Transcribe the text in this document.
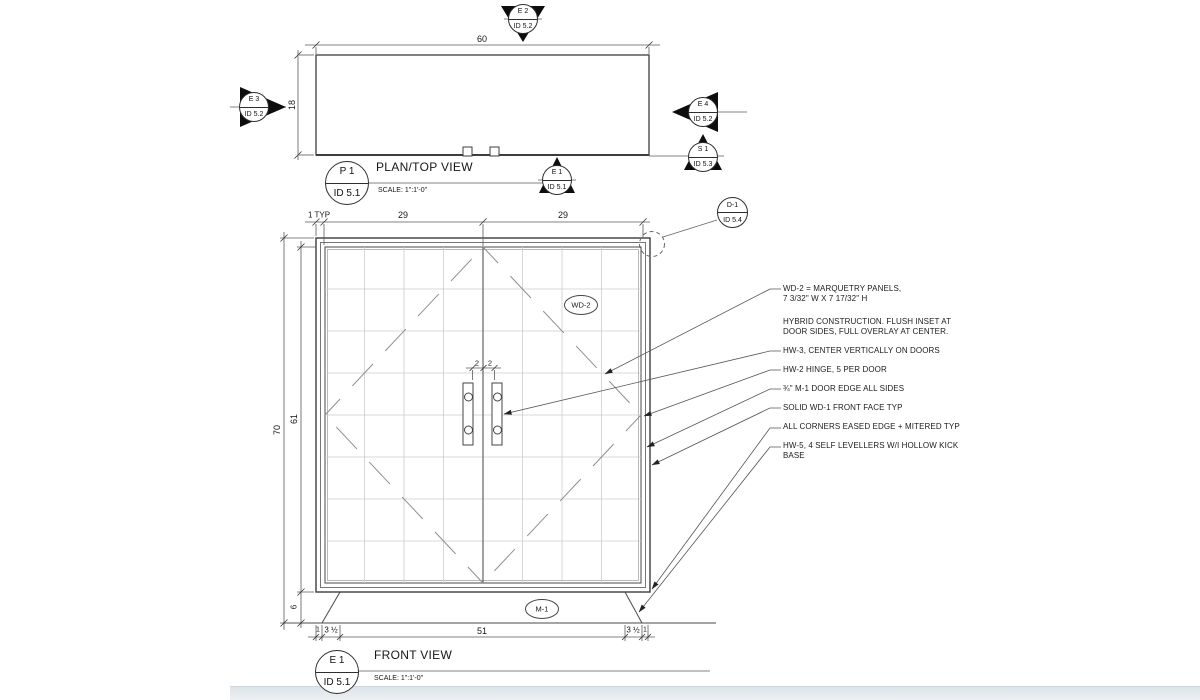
E 2
ID 5.2
E 3
ID 5.2
E 4
ID 5.2
S 1
ID 5.3
E 1
ID 5.1
D-1
ID 5.4
P 1
ID 5.1
E 1
ID 5.1
PLAN/TOP VIEW
SCALE: 1":1'-0"
FRONT VIEW
SCALE: 1":1'-0"
60
18
1 TYP	29	29
2 2
70
61
6
1 3 ½	51	3 ½ 1
WD-2
M-1
WD-2 = MARQUETRY PANELS,
7 3/32" W X 7 17/32" H
HYBRID CONSTRUCTION. FLUSH INSET AT
DOOR SIDES, FULL OVERLAY AT CENTER.
HW-3, CENTER VERTICALLY ON DOORS
HW-2 HINGE, 5 PER DOOR
¾" M-1 DOOR EDGE ALL SIDES
SOLID WD-1 FRONT FACE TYP
ALL CORNERS EASED EDGE + MITERED TYP
HW-5, 4 SELF LEVELLERS W/I HOLLOW KICK
BASE
